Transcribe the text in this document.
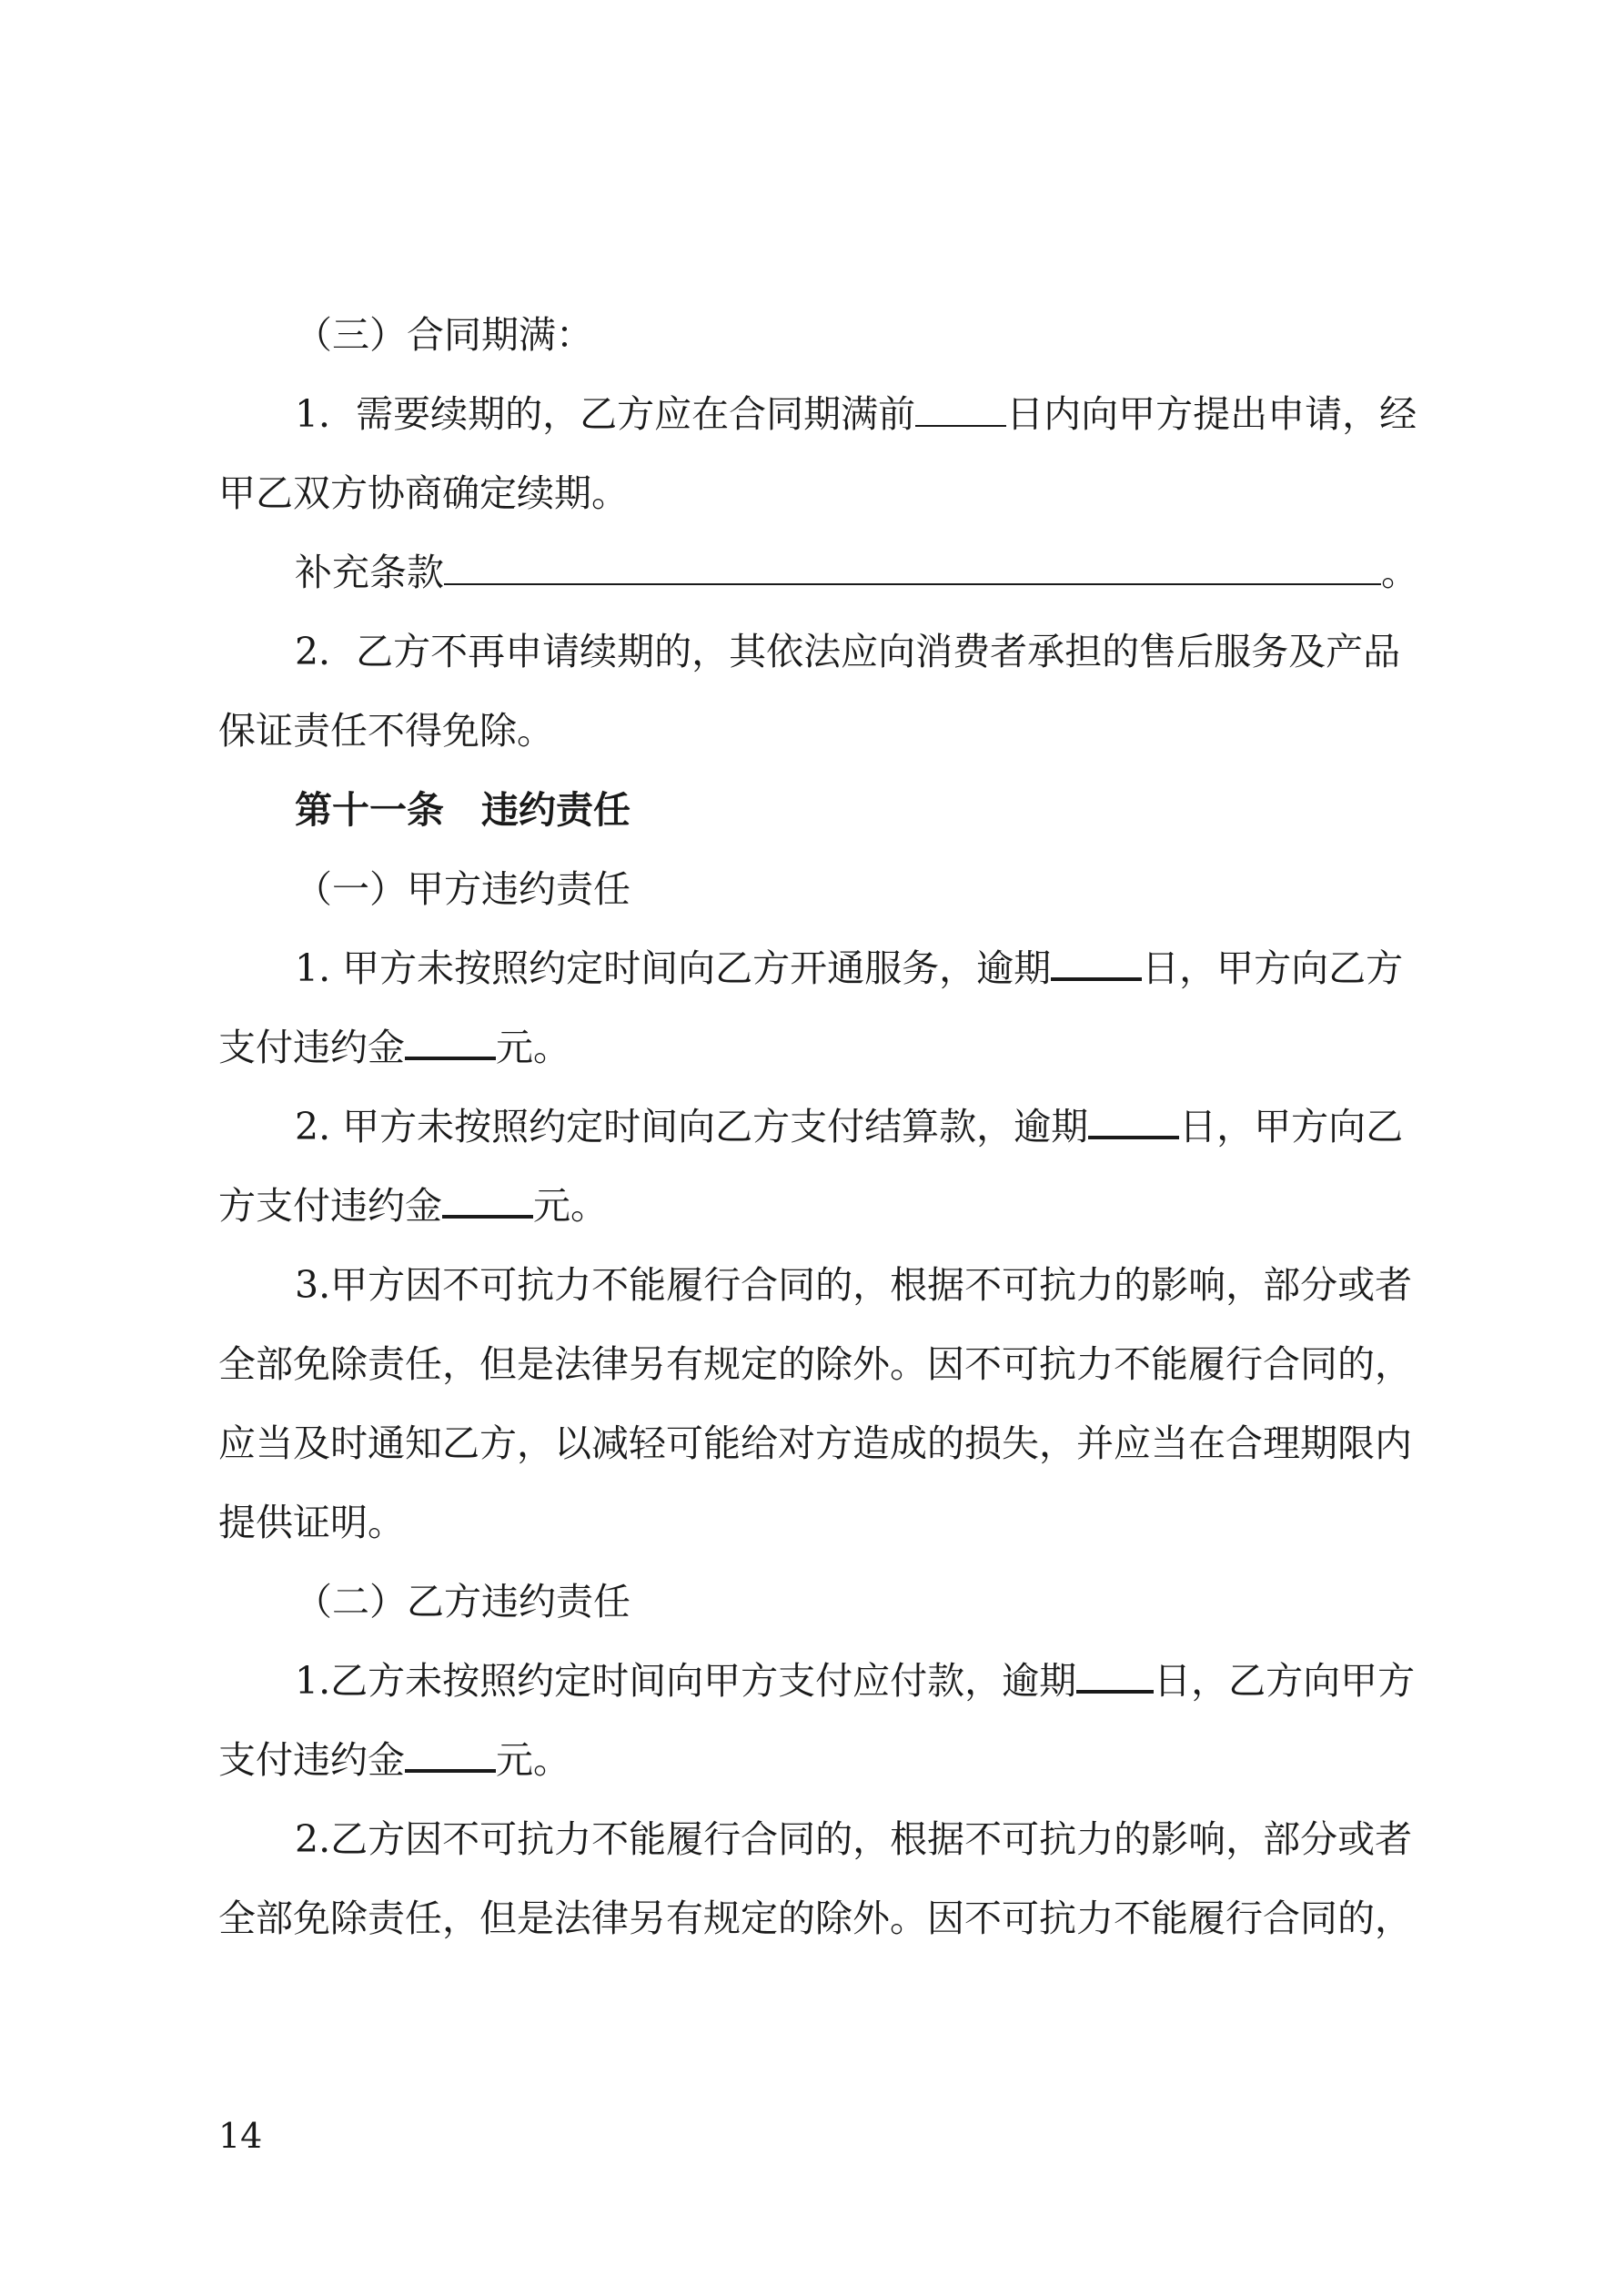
（三）合同期满：
1．需要续期的，乙方应在合同期满前 日内向甲方提出申请，经
甲乙双方协商确定续期。
补充条款	。
2．乙方不再申请续期的，其依法应向消费者承担的售后服务及产品
保证责任不得免除。
第十一条　违约责任
（一）甲方违约责任
1. 甲方未按照约定时间向乙方开通服务，逾期 日，甲方向乙方
支付违约金 元。
2. 甲方未按照约定时间向乙方支付结算款，逾期 日，甲方向乙
方支付违约金 元。
3.甲方因不可抗力不能履行合同的，根据不可抗力的影响，部分或者
全部免除责任，但是法律另有规定的除外。因不可抗力不能履行合同的，
应当及时通知乙方，以减轻可能给对方造成的损失，并应当在合理期限内
提供证明。
（二）乙方违约责任
1.乙方未按照约定时间向甲方支付应付款，逾期 日，乙方向甲方
支付违约金 元。
2.乙方因不可抗力不能履行合同的，根据不可抗力的影响，部分或者
全部免除责任，但是法律另有规定的除外。因不可抗力不能履行合同的，
14
